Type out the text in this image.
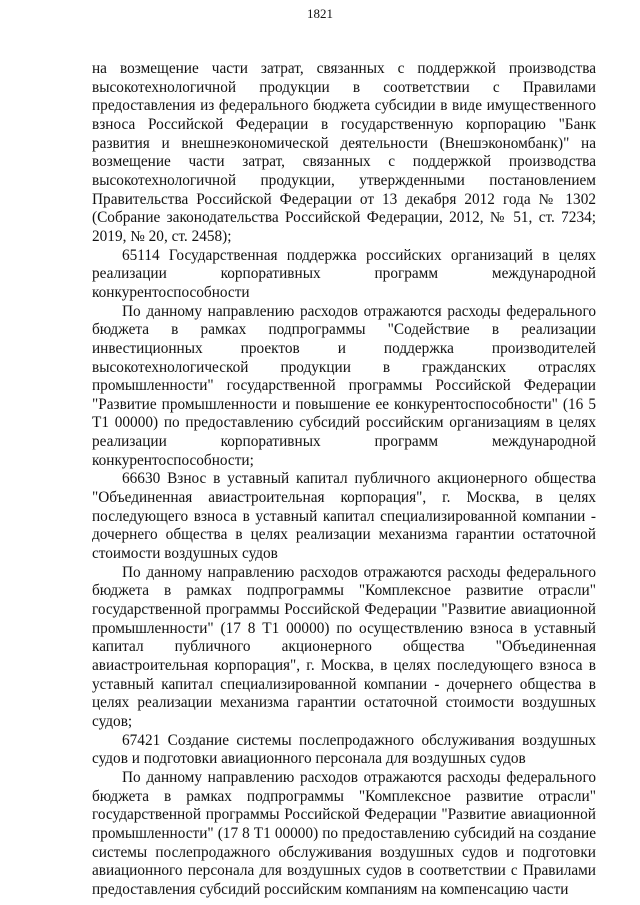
1821

на возмещение части затрат, связанных с поддержкой производства высокотехнологичной продукции в соответствии с Правилами предоставления из федерального бюджета субсидии в виде имущественного взноса Российской Федерации в государственную корпорацию "Банк развития и внешнеэкономической деятельности (Внешэкономбанк)" на возмещение части затрат, связанных с поддержкой производства высокотехнологичной продукции, утвержденными постановлением Правительства Российской Федерации от 13 декабря 2012 года № 1302 (Собрание законодательства Российской Федерации, 2012, № 51, ст. 7234; 2019, № 20, ст. 2458);

65114 Государственная поддержка российских организаций в целях реализации корпоративных программ международной конкурентоспособности

По данному направлению расходов отражаются расходы федерального бюджета в рамках подпрограммы "Содействие в реализации инвестиционных проектов и поддержка производителей высокотехнологической продукции в гражданских отраслях промышленности" государственной программы Российской Федерации "Развитие промышленности и повышение ее конкурентоспособности" (16 5 Т1 00000) по предоставлению субсидий российским организациям в целях реализации корпоративных программ международной конкурентоспособности;

66630 Взнос в уставный капитал публичного акционерного общества "Объединенная авиастроительная корпорация", г. Москва, в целях последующего взноса в уставный капитал специализированной компании - дочернего общества в целях реализации механизма гарантии остаточной стоимости воздушных судов

По данному направлению расходов отражаются расходы федерального бюджета в рамках подпрограммы "Комплексное развитие отрасли" государственной программы Российской Федерации "Развитие авиационной промышленности" (17 8 Т1 00000) по осуществлению взноса в уставный капитал публичного акционерного общества "Объединенная авиастроительная корпорация", г. Москва, в целях последующего взноса в уставный капитал специализированной компании - дочернего общества в целях реализации механизма гарантии остаточной стоимости воздушных судов;

67421 Создание системы послепродажного обслуживания воздушных судов и подготовки авиационного персонала для воздушных судов

По данному направлению расходов отражаются расходы федерального бюджета в рамках подпрограммы "Комплексное развитие отрасли" государственной программы Российской Федерации "Развитие авиационной промышленности" (17 8 Т1 00000) по предоставлению субсидий на создание системы послепродажного обслуживания воздушных судов и подготовки авиационного персонала для воздушных судов в соответствии с Правилами предоставления субсидий российским компаниям на компенсацию части
